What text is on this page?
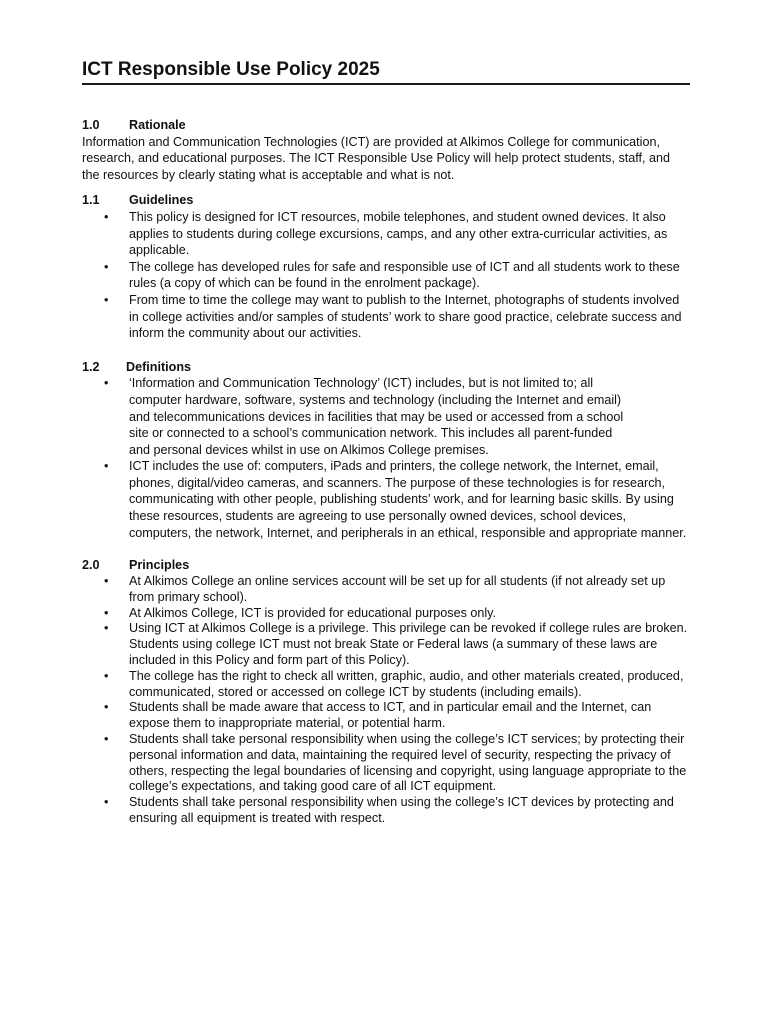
ICT Responsible Use Policy 2025
1.0	Rationale

Information and Communication Technologies (ICT) are provided at Alkimos College for communication, research, and educational purposes. The ICT Responsible Use Policy will help protect students, staff, and the resources by clearly stating what is acceptable and what is not.

1.1	Guidelines
• This policy is designed for ICT resources, mobile telephones, and student owned devices. It also applies to students during college excursions, camps, and any other extra-curricular activities, as applicable.
• The college has developed rules for safe and responsible use of ICT and all students work to these rules (a copy of which can be found in the enrolment package).
• From time to time the college may want to publish to the Internet, photographs of students involved in college activities and/or samples of students’ work to share good practice, celebrate success and inform the community about our activities.
1.2	Definitions
• ‘Information and Communication Technology’ (ICT) includes, but is not limited to; all computer hardware, software, systems and technology (including the Internet and email) and telecommunications devices in facilities that may be used or accessed from a school site or connected to a school’s communication network. This includes all parent-funded and personal devices whilst in use on Alkimos College premises.
• ICT includes the use of: computers, iPads and printers, the college network, the Internet, email, phones, digital/video cameras, and scanners. The purpose of these technologies is for research, communicating with other people, publishing students’ work, and for learning basic skills. By using these resources, students are agreeing to use personally owned devices, school devices, computers, the network, Internet, and peripherals in an ethical, responsible and appropriate manner.
2.0	Principles
• At Alkimos College an online services account will be set up for all students (if not already set up from primary school).
• At Alkimos College, ICT is provided for educational purposes only.
• Using ICT at Alkimos College is a privilege. This privilege can be revoked if college rules are broken. Students using college ICT must not break State or Federal laws (a summary of these laws are included in this Policy and form part of this Policy).
• The college has the right to check all written, graphic, audio, and other materials created, produced, communicated, stored or accessed on college ICT by students (including emails).
• Students shall be made aware that access to ICT, and in particular email and the Internet, can expose them to inappropriate material, or potential harm.
• Students shall take personal responsibility when using the college’s ICT services; by protecting their personal information and data, maintaining the required level of security, respecting the privacy of others, respecting the legal boundaries of licensing and copyright, using language appropriate to the college’s expectations, and taking good care of all ICT equipment.
• Students shall take personal responsibility when using the college’s ICT devices by protecting and ensuring all equipment is treated with respect.
